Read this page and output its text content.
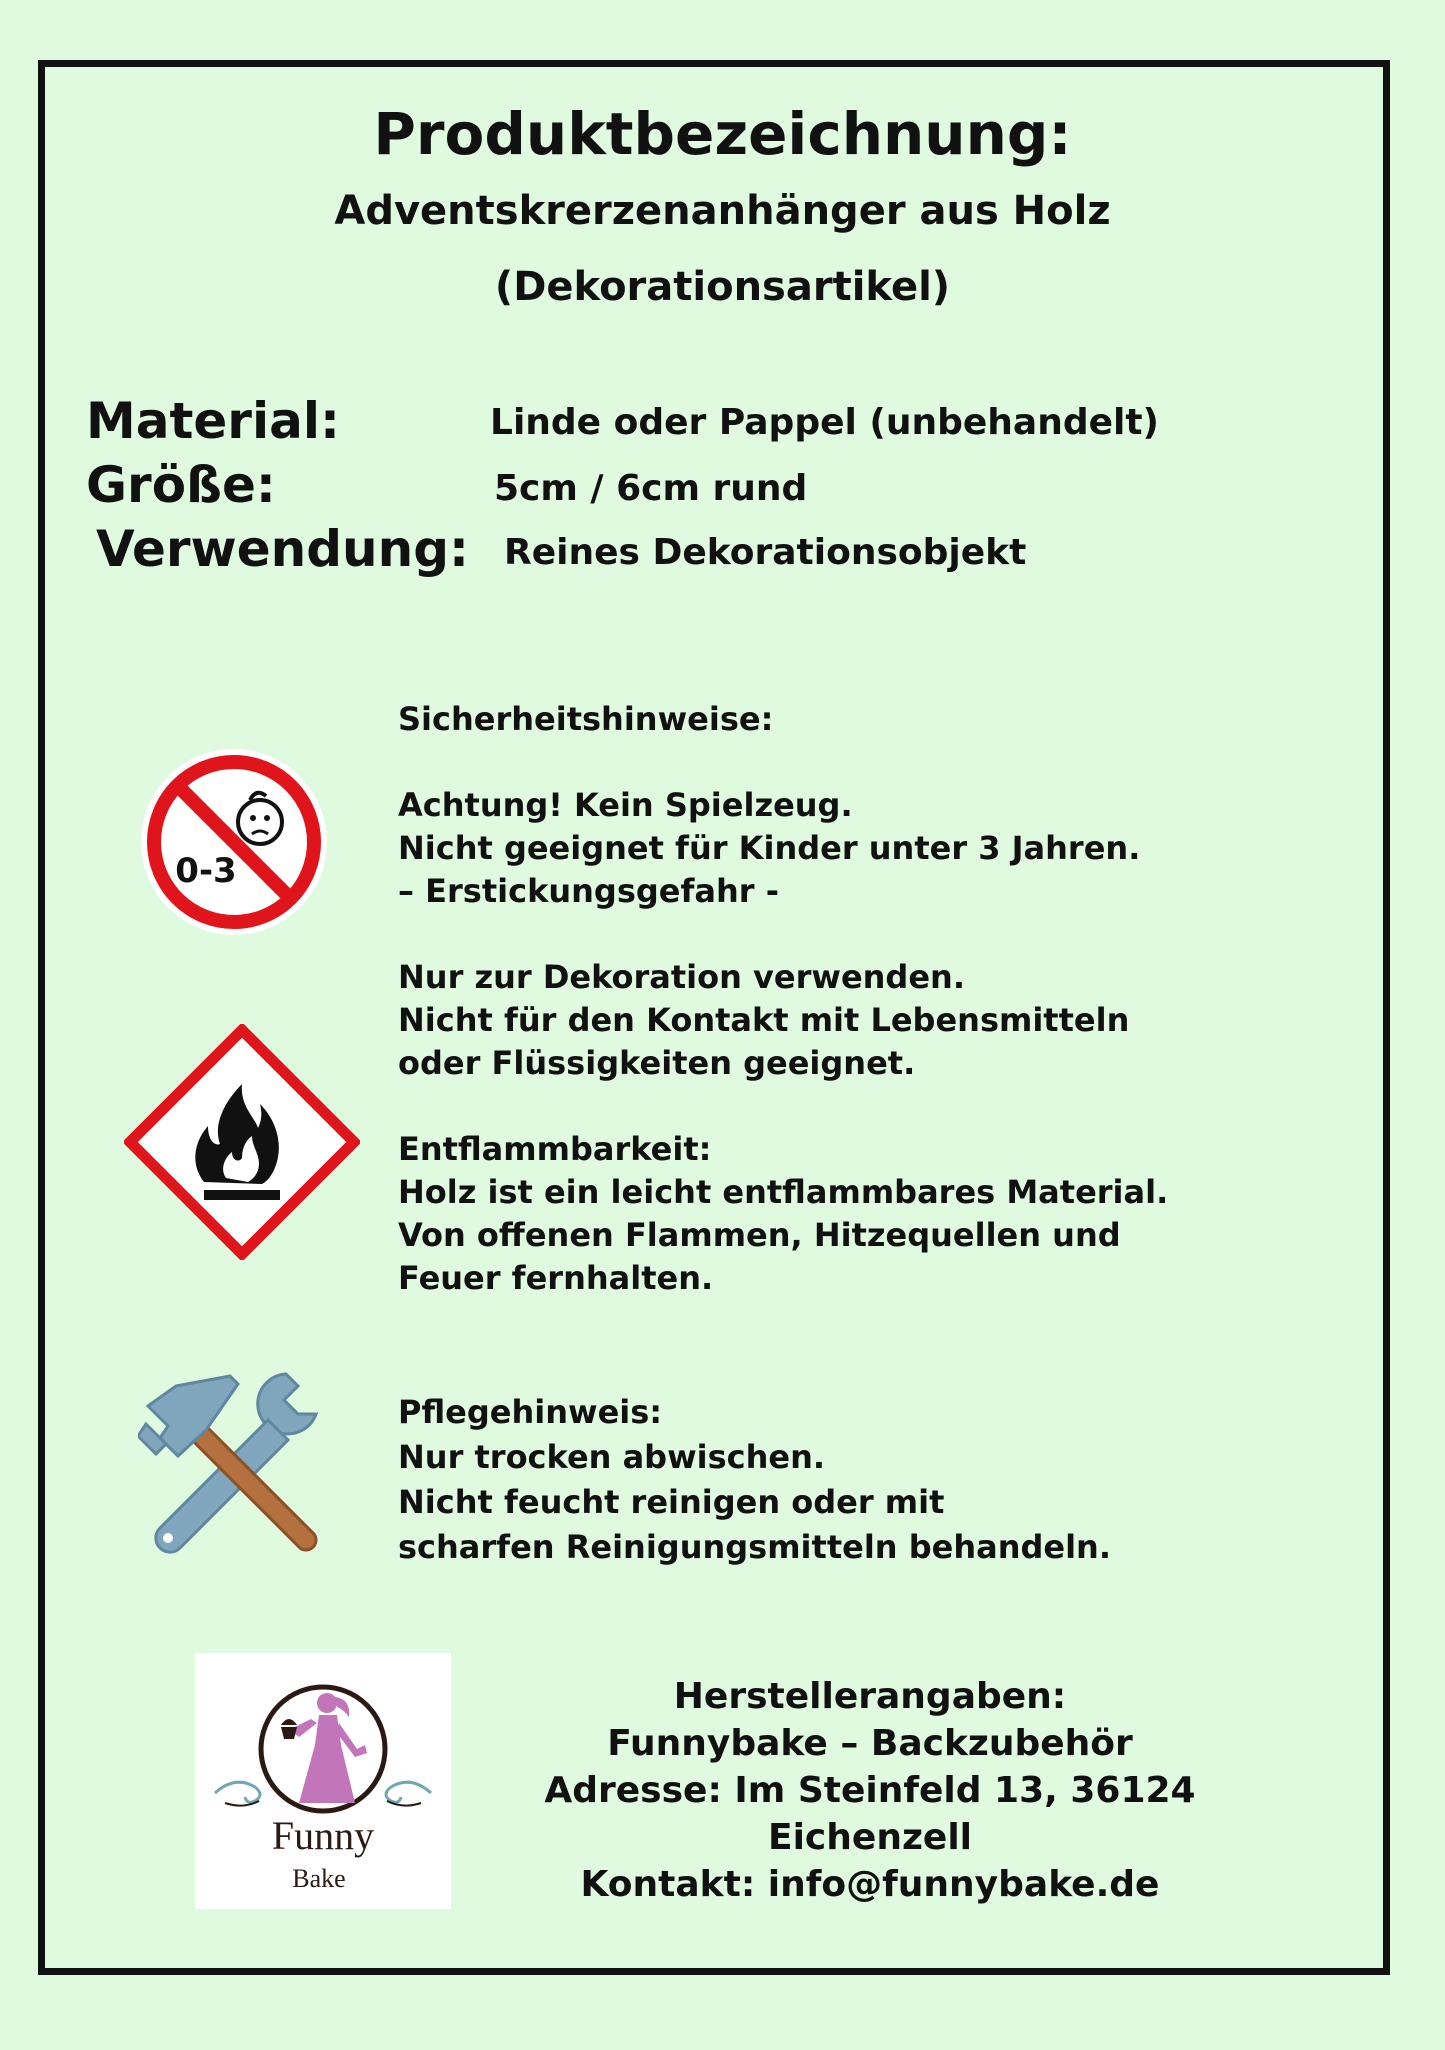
Produktbezeichnung:
Adventskrerzenanhänger aus Holz
(Dekorationsartikel)
Material:	Linde oder Pappel (unbehandelt)
Größe:	5cm / 6cm rund
Verwendung: Reines Dekorationsobjekt

Sicherheitshinweise:

Achtung! Kein Spielzeug.

Nicht geeignet für Kinder unter 3 Jahren.

– Erstickungsgefahr -

Nur zur Dekoration verwenden.

Nicht für den Kontakt mit Lebensmitteln

oder Flüssigkeiten geeignet.

Entflammbarkeit:

Holz ist ein leicht entflammbares Material.

Von offenen Flammen, Hitzequellen und

Feuer fernhalten.

Pflegehinweis:

Nur trocken abwischen.

Nicht feucht reinigen oder mit

scharfen Reinigungsmitteln behandeln.

0-3
Funny
Bake
Herstellerangaben:
Funnybake – Backzubehör
Adresse: Im Steinfeld 13, 36124
Eichenzell
Kontakt: info@funnybake.de
